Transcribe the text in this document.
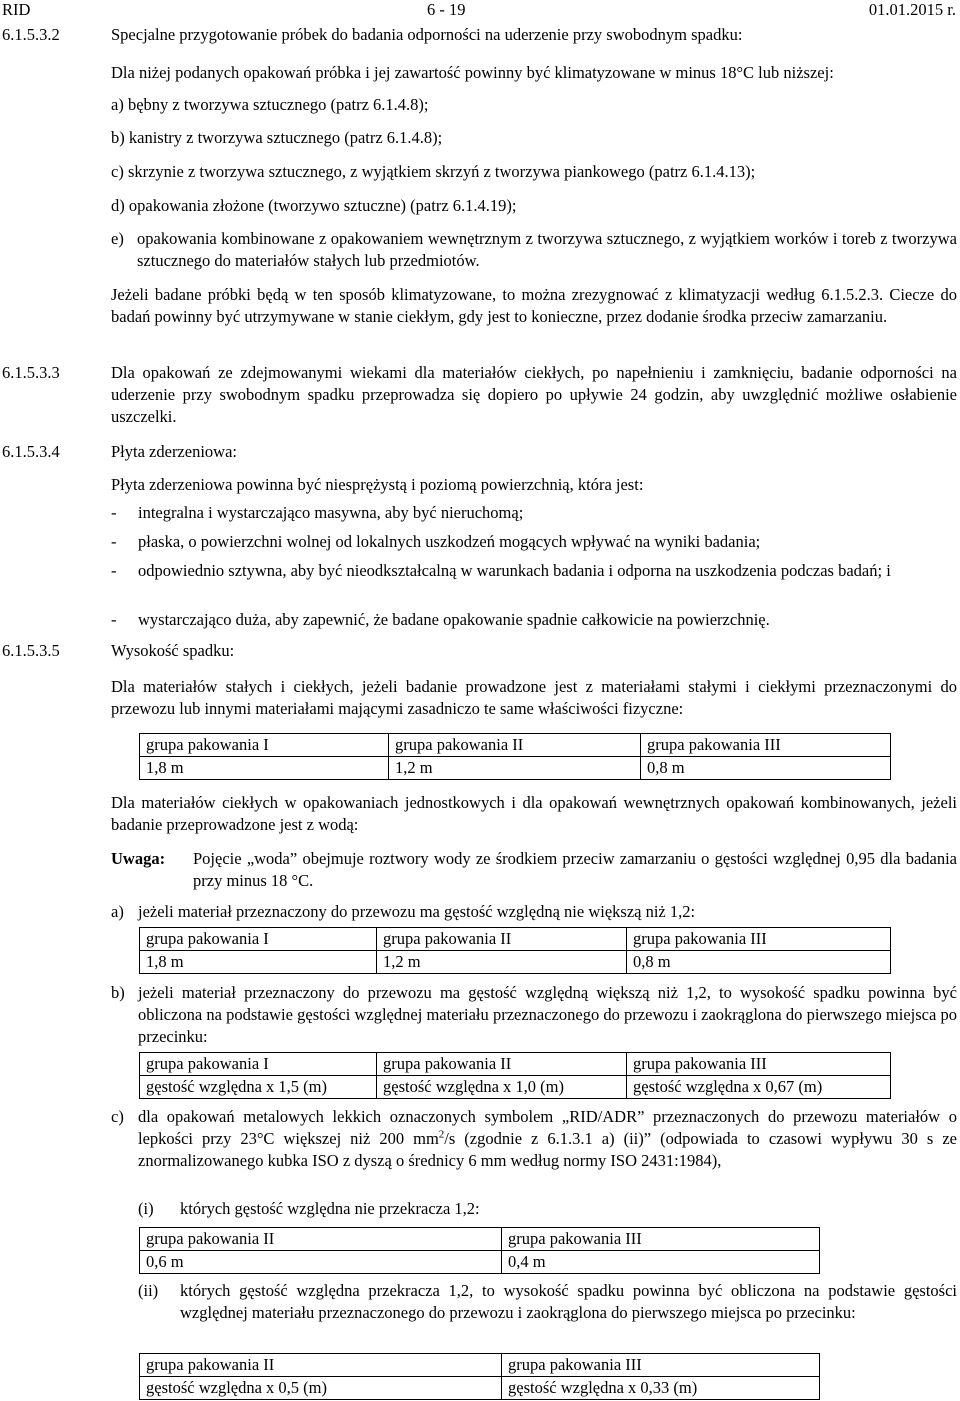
RID	6 - 19	01.01.2015 r.
6.1.5.3.2	Specjalne przygotowanie próbek do badania odporności na uderzenie przy swobodnym spadku:
Dla niżej podanych opakowań próbka i jej zawartość powinny być klimatyzowane w minus 18°C lub niższej:
a) bębny z tworzywa sztucznego (patrz 6.1.4.8);
b) kanistry z tworzywa sztucznego (patrz 6.1.4.8);
c) skrzynie z tworzywa sztucznego, z wyjątkiem skrzyń z tworzywa piankowego (patrz 6.1.4.13);
d) opakowania złożone (tworzywo sztuczne) (patrz 6.1.4.19);
e) opakowania kombinowane z opakowaniem wewnętrznym z tworzywa sztucznego, z wyjątkiem worków i toreb z tworzywa sztucznego do materiałów stałych lub przedmiotów.
Jeżeli badane próbki będą w ten sposób klimatyzowane, to można zrezygnować z klimatyzacji według 6.1.5.2.3. Ciecze do badań powinny być utrzymywane w stanie ciekłym, gdy jest to konieczne, przez dodanie środka przeciw zamarzaniu.
6.1.5.3.3	Dla opakowań ze zdejmowanymi wiekami dla materiałów ciekłych, po napełnieniu i zamknięciu, badanie odporności na uderzenie przy swobodnym spadku przeprowadza się dopiero po upływie 24 godzin, aby uwzględnić możliwe osłabienie uszczelki.
6.1.5.3.4	Płyta zderzeniowa:
Płyta zderzeniowa powinna być niesprężystą i poziomą powierzchnią, która jest:
- integralna i wystarczająco masywna, aby być nieruchomą;
- płaska, o powierzchni wolnej od lokalnych uszkodzeń mogących wpływać na wyniki badania;
- odpowiednio sztywna, aby być nieodkształcalną w warunkach badania i odporna na uszkodzenia podczas badań; i
- wystarczająco duża, aby zapewnić, że badane opakowanie spadnie całkowicie na powierzchnię.
6.1.5.3.5	Wysokość spadku:
Dla materiałów stałych i ciekłych, jeżeli badanie prowadzone jest z materiałami stałymi i ciekłymi przeznaczonymi do przewozu lub innymi materiałami mającymi zasadniczo te same właściwości fizyczne:
grupa pakowania I	grupa pakowania II	grupa pakowania III
1,8 m	1,2 m	0,8 m
Dla materiałów ciekłych w opakowaniach jednostkowych i dla opakowań wewnętrznych opakowań kombinowanych, jeżeli badanie przeprowadzone jest z wodą:
Uwaga: Pojęcie „woda” obejmuje roztwory wody ze środkiem przeciw zamarzaniu o gęstości względnej 0,95 dla badania przy minus 18 °C.
a) jeżeli materiał przeznaczony do przewozu ma gęstość względną nie większą niż 1,2:
grupa pakowania I	grupa pakowania II	grupa pakowania III
1,8 m	1,2 m	0,8 m
b) jeżeli materiał przeznaczony do przewozu ma gęstość względną większą niż 1,2, to wysokość spadku powinna być obliczona na podstawie gęstości względnej materiału przeznaczonego do przewozu i zaokrąglona do pierwszego miejsca po przecinku:
grupa pakowania I	grupa pakowania II	grupa pakowania III
gęstość względna x 1,5 (m)	gęstość względna x 1,0 (m)	gęstość względna x 0,67 (m)
c) dla opakowań metalowych lekkich oznaczonych symbolem „RID/ADR” przeznaczonych do przewozu materiałów o lepkości przy 23°C większej niż 200 $mm^2/s$ (zgodnie z 6.1.3.1 a) (ii)” (odpowiada to czasowi wypływu 30 s ze znormalizowanego kubka ISO z dyszą o średnicy 6 mm według normy ISO 2431:1984),
(i) których gęstość względna nie przekracza 1,2:
grupa pakowania II	grupa pakowania III
0,6 m	0,4 m
(ii) których gęstość względna przekracza 1,2, to wysokość spadku powinna być obliczona na podstawie gęstości względnej materiału przeznaczonego do przewozu i zaokrąglona do pierwszego miejsca po przecinku:
grupa pakowania II	grupa pakowania III
gęstość względna x 0,5 (m)	gęstość względna x 0,33 (m)
